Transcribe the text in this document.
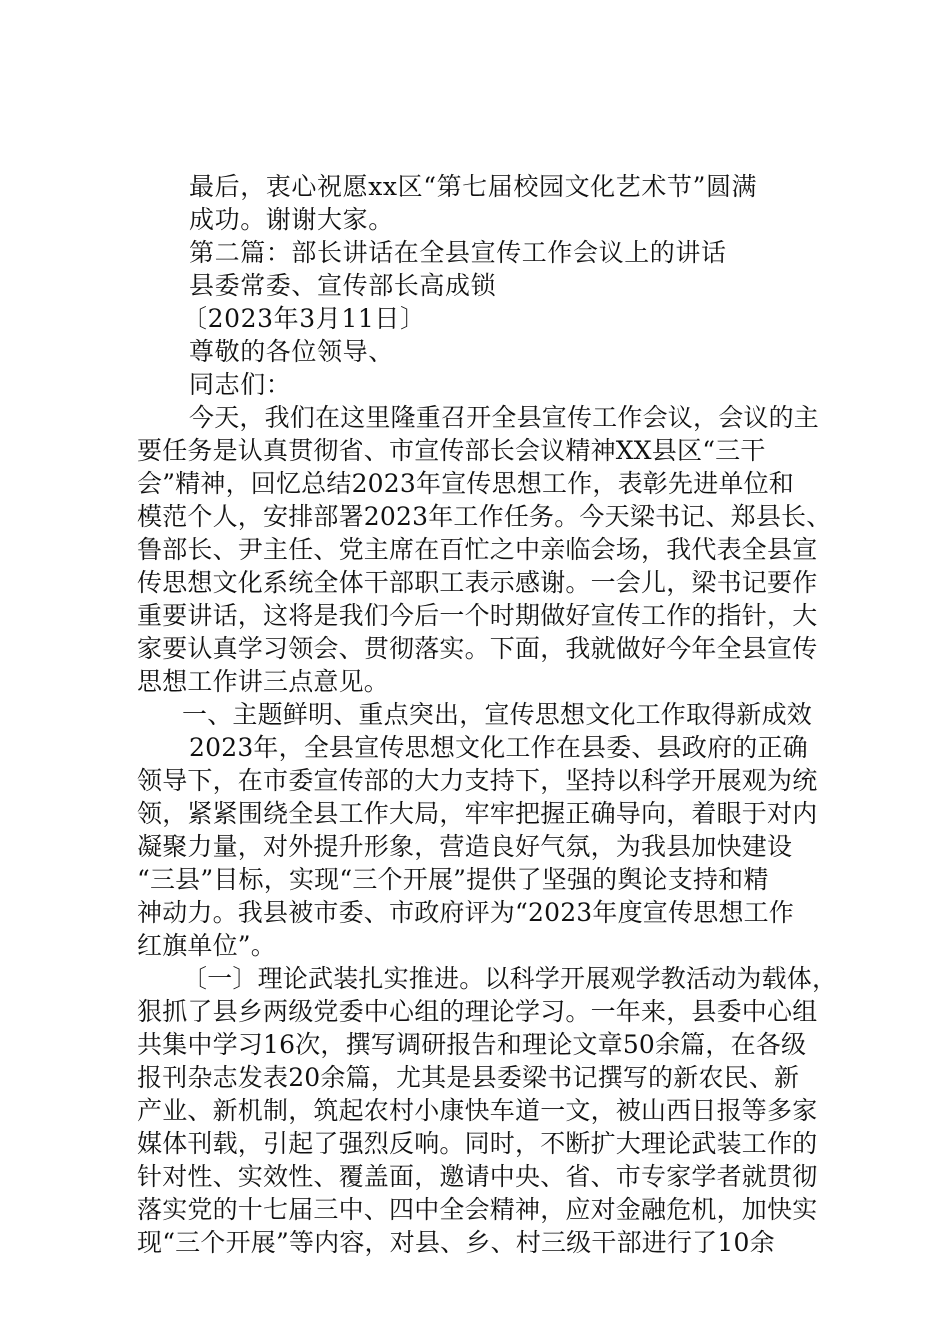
最后，衷心祝愿xx区“第七届校园文化艺术节”圆满
成功。谢谢大家。
第二篇：部长讲话在全县宣传工作会议上的讲话
县委常委、宣传部长高成锁
〔2023年3月11日〕
尊敬的各位领导、
同志们：
今天，我们在这里隆重召开全县宣传工作会议，会议的主
要任务是认真贯彻省、市宣传部长会议精神XX县区“三干
会”精神，回忆总结2023年宣传思想工作，表彰先进单位和
模范个人，安排部署2023年工作任务。今天梁书记、郑县长、
鲁部长、尹主任、党主席在百忙之中亲临会场，我代表全县宣
传思想文化系统全体干部职工表示感谢。一会儿，梁书记要作
重要讲话，这将是我们今后一个时期做好宣传工作的指针，大
家要认真学习领会、贯彻落实。下面，我就做好今年全县宣传
思想工作讲三点意见。
一、主题鲜明、重点突出，宣传思想文化工作取得新成效
2023年，全县宣传思想文化工作在县委、县政府的正确
领导下，在市委宣传部的大力支持下，坚持以科学开展观为统
领，紧紧围绕全县工作大局，牢牢把握正确导向，着眼于对内
凝聚力量，对外提升形象，营造良好气氛，为我县加快建设
“三县”目标，实现“三个开展”提供了坚强的舆论支持和精
神动力。我县被市委、市政府评为“2023年度宣传思想工作
红旗单位”。
〔一〕理论武装扎实推进。以科学开展观学教活动为载体，
狠抓了县乡两级党委中心组的理论学习。一年来，县委中心组
共集中学习16次，撰写调研报告和理论文章50余篇，在各级
报刊杂志发表20余篇，尤其是县委梁书记撰写的新农民、新
产业、新机制，筑起农村小康快车道一文，被山西日报等多家
媒体刊载，引起了强烈反响。同时，不断扩大理论武装工作的
针对性、实效性、覆盖面，邀请中央、省、市专家学者就贯彻
落实党的十七届三中、四中全会精神，应对金融危机，加快实
现“三个开展”等内容，对县、乡、村三级干部进行了10余
